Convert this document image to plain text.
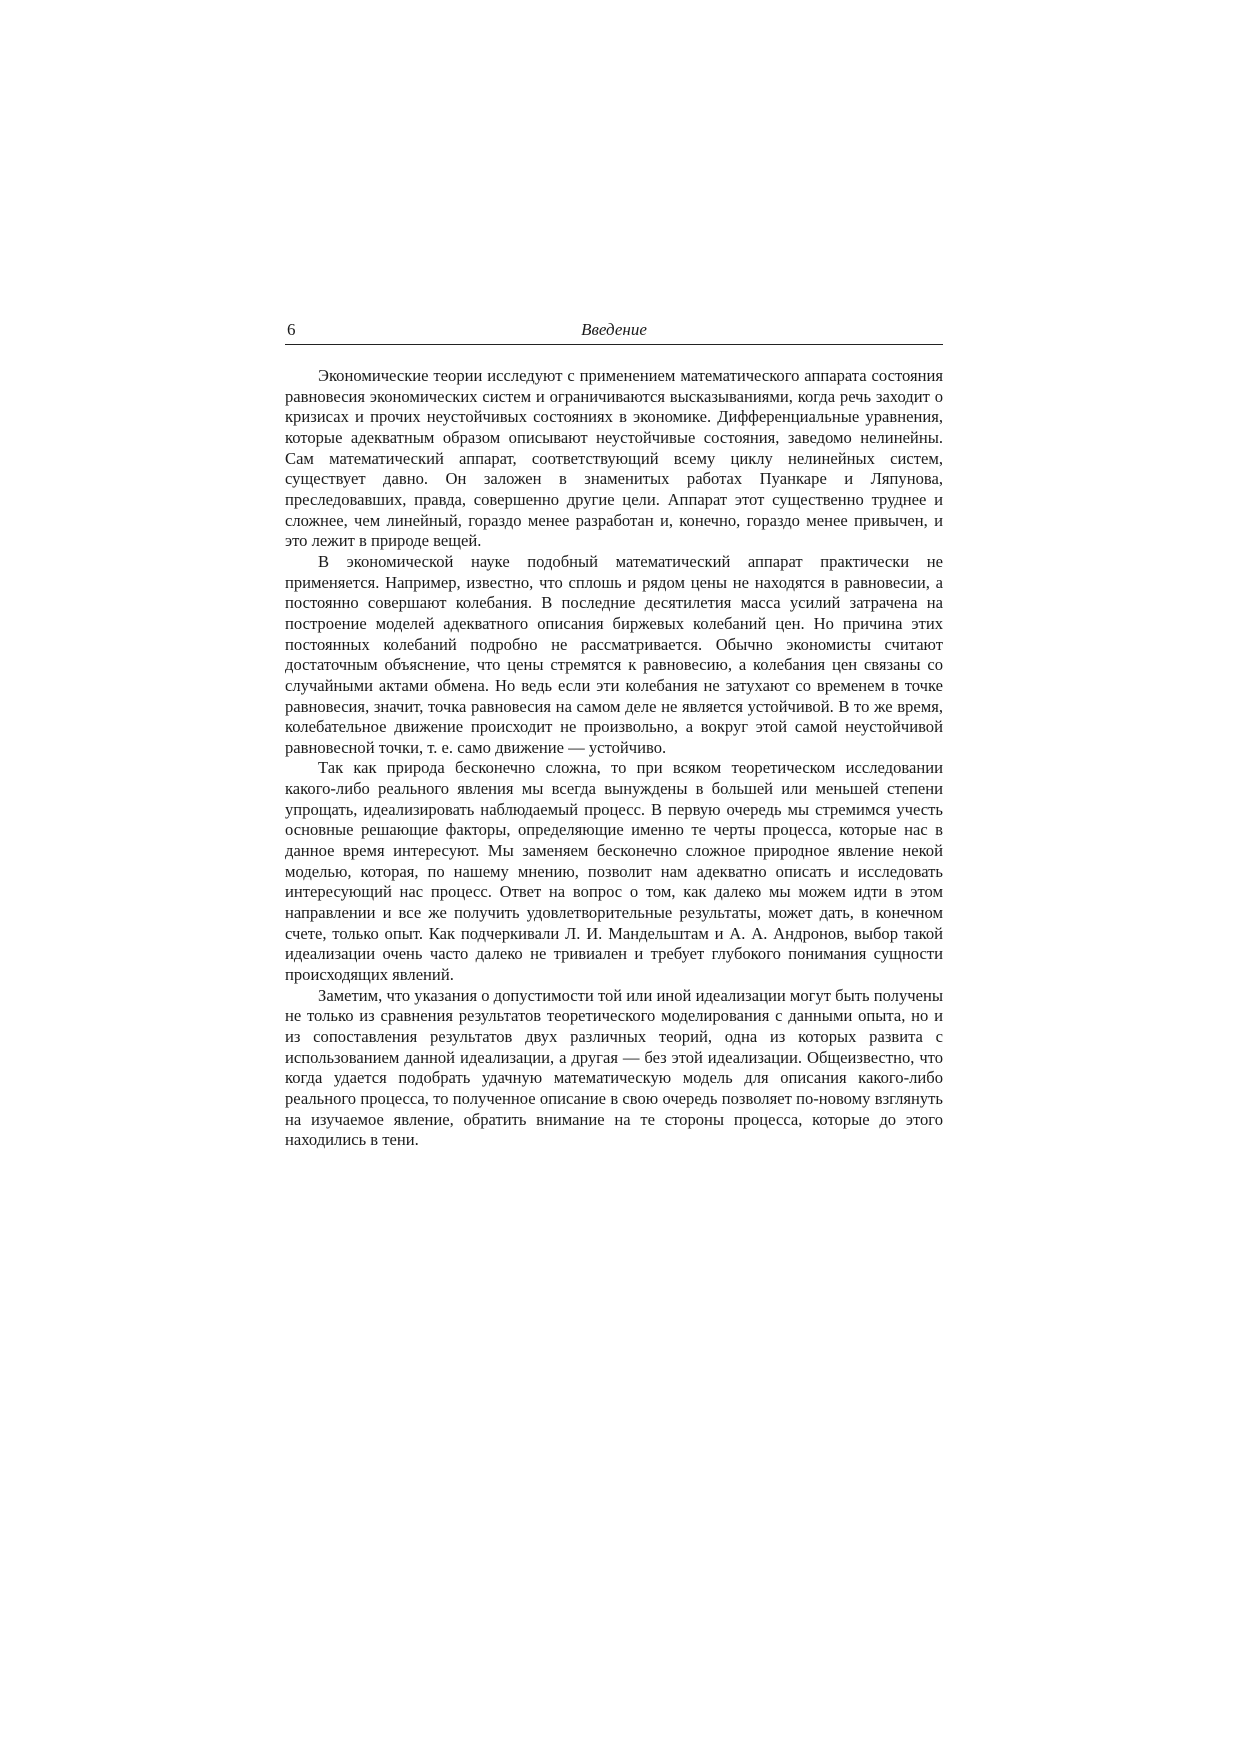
6	Введение

Экономические теории исследуют с применением математического аппарата состояния равновесия экономических систем и ограничиваются высказываниями, когда речь заходит о кризисах и прочих неустойчивых состояниях в экономике. Дифференциальные уравнения, которые адекватным образом описывают неустойчивые состояния, заведомо нелинейны. Сам математический аппарат, соответствующий всему циклу нелинейных систем, существует давно. Он заложен в знаменитых работах Пуанкаре и Ляпунова, преследовавших, правда, совершенно другие цели. Аппарат этот существенно труднее и сложнее, чем линейный, гораздо менее разработан и, конечно, гораздо менее привычен, и это лежит в природе вещей.

В экономической науке подобный математический аппарат практически не применяется. Например, известно, что сплошь и рядом цены не находятся в равновесии, а постоянно совершают колебания. В последние десятилетия масса усилий затрачена на построение моделей адекватного описания биржевых колебаний цен. Но причина этих постоянных колебаний подробно не рассматривается. Обычно экономисты считают достаточным объяснение, что цены стремятся к равновесию, а колебания цен связаны со случайными актами обмена. Но ведь если эти колебания не затухают со временем в точке равновесия, значит, точка равновесия на самом деле не является устойчивой. В то же время, колебательное движение происходит не произвольно, а вокруг этой самой неустойчивой равновесной точки, т. е. само движение — устойчиво.

Так как природа бесконечно сложна, то при всяком теоретическом исследовании какого-либо реального явления мы всегда вынуждены в большей или меньшей степени упрощать, идеализировать наблюдаемый процесс. В первую очередь мы стремимся учесть основные решающие факторы, определяющие именно те черты процесса, которые нас в данное время интересуют. Мы заменяем бесконечно сложное природное явление некой моделью, которая, по нашему мнению, позволит нам адекватно описать и исследовать интересующий нас процесс. Ответ на вопрос о том, как далеко мы можем идти в этом направлении и все же получить удовлетворительные результаты, может дать, в конечном счете, только опыт. Как подчеркивали Л. И. Мандельштам и А. А. Андронов, выбор такой идеализации очень часто далеко не тривиален и требует глубокого понимания сущности происходящих явлений.

Заметим, что указания о допустимости той или иной идеализации могут быть получены не только из сравнения результатов теоретического моделирования с данными опыта, но и из сопоставления результатов двух различных теорий, одна из которых развита с использованием данной идеализации, а другая — без этой идеализации. Общеизвестно, что когда удается подобрать удачную математическую модель для описания какого-либо реального процесса, то полученное описание в свою очередь позволяет по-новому взглянуть на изучаемое явление, обратить внимание на те стороны процесса, которые до этого находились в тени.
